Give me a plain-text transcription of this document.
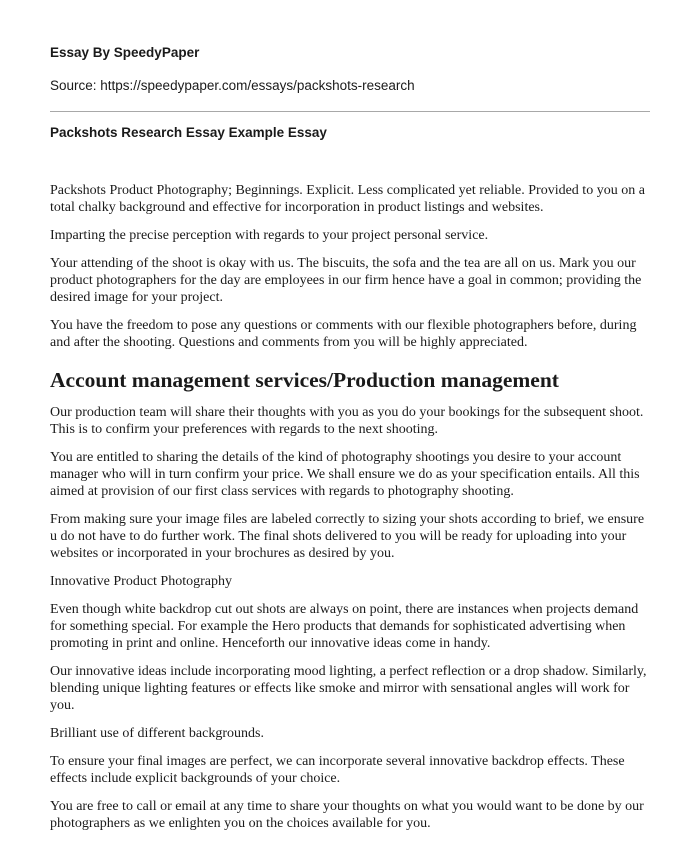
Essay By SpeedyPaper
Source: https://speedypaper.com/essays/packshots-research
Packshots Research Essay Example Essay

Packshots Product Photography; Beginnings. Explicit. Less complicated yet reliable. Provided to you on a total chalky background and effective for incorporation in product listings and websites.

Imparting the precise perception with regards to your project personal service.

Your attending of the shoot is okay with us. The biscuits, the sofa and the tea are all on us. Mark you our product photographers for the day are employees in our firm hence have a goal in common; providing the desired image for your project.

You have the freedom to pose any questions or comments with our flexible photographers before, during and after the shooting. Questions and comments from you will be highly appreciated.

Account management services/Production management

Our production team will share their thoughts with you as you do your bookings for the subsequent shoot. This is to confirm your preferences with regards to the next shooting.

You are entitled to sharing the details of the kind of photography shootings you desire to your account manager who will in turn confirm your price. We shall ensure we do as your specification entails. All this aimed at provision of our first class services with regards to photography shooting.

From making sure your image files are labeled correctly to sizing your shots according to brief, we ensure u do not have to do further work. The final shots delivered to you will be ready for uploading into your websites or incorporated in your brochures as desired by you.

Innovative Product Photography

Even though white backdrop cut out shots are always on point, there are instances when projects demand for something special. For example the Hero products that demands for sophisticated advertising when promoting in print and online. Henceforth our innovative ideas come in handy.

Our innovative ideas include incorporating mood lighting, a perfect reflection or a drop shadow. Similarly, blending unique lighting features or effects like smoke and mirror with sensational angles will work for you.

Brilliant use of different backgrounds.

To ensure your final images are perfect, we can incorporate several innovative backdrop effects. These effects include explicit backgrounds of your choice.

You are free to call or email at any time to share your thoughts on what you would want to be done by our photographers as we enlighten you on the choices available for you.
